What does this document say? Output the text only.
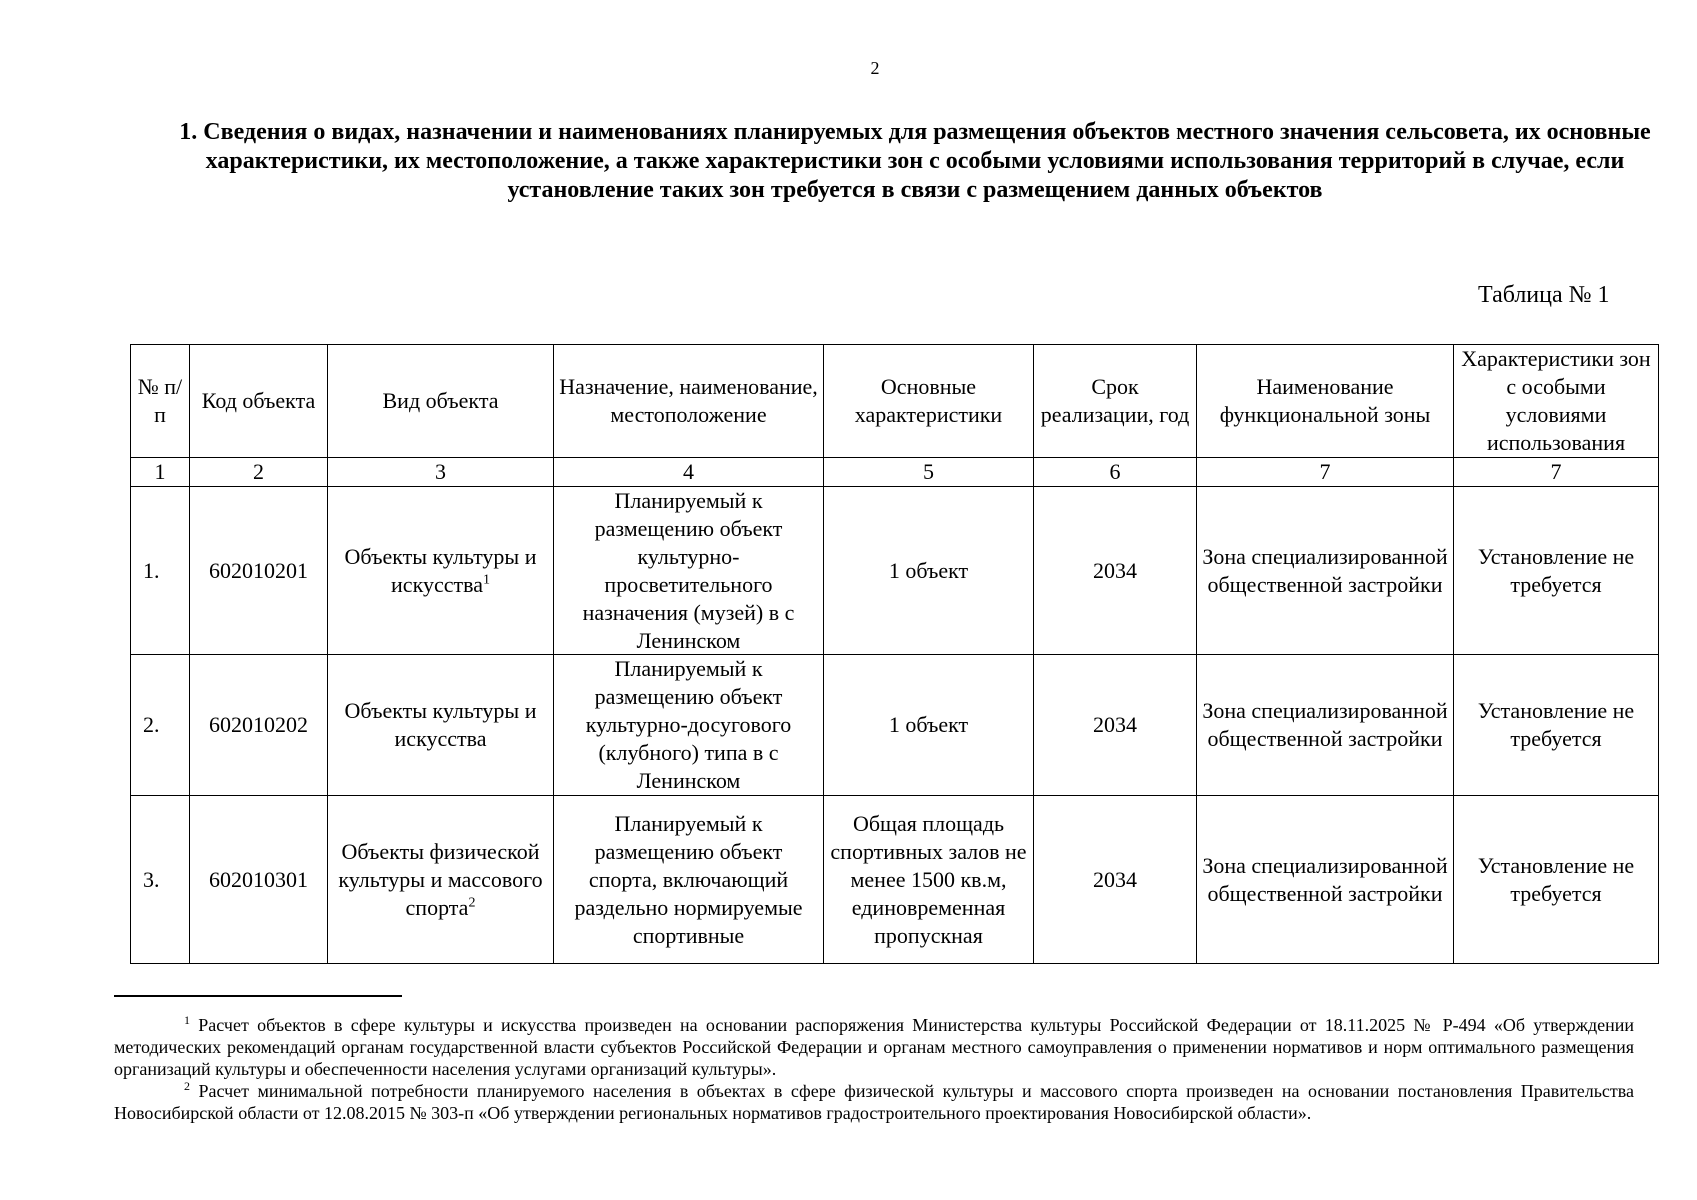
2
1. Сведения о видах, назначении и наименованиях планируемых для размещения объектов местного значения сельсовета, их основные характеристики, их местоположение, а также характеристики зон с особыми условиями использования территорий в случае, если установление таких зон требуется в связи с размещением данных объектов
Таблица № 1
№ п/п	Код объекта	Вид объекта	Назначение, наименование, местоположение	Основные характеристики	Срок реализации, год	Наименование функциональной зоны	Характеристики зон с особыми условиями использования
1	2	3	4	5	6	7	7
1.	602010201	Объекты культуры и искусства$^1$	Планируемый к размещению объект культурно-просветительного назначения (музей) в с Ленинском	1 объект	2034	Зона специализированной общественной застройки	Установление не требуется
2.	602010202	Объекты культуры и искусства	Планируемый к размещению объект культурно-досугового (клубного) типа в с Ленинском	1 объект	2034	Зона специализированной общественной застройки	Установление не требуется
3.	602010301	Объекты физической культуры и массового спорта$^2$	Планируемый к размещению объект спорта, включающий раздельно нормируемые спортивные	Общая площадь спортивных залов не менее 1500 кв.м, единовременная пропускная	2034	Зона специализированной общественной застройки	Установление не требуется

$^1$ Расчет объектов в сфере культуры и искусства произведен на основании распоряжения Министерства культуры Российской Федерации от 18.11.2025 № Р-494 «Об утверждении методических рекомендаций органам государственной власти субъектов Российской Федерации и органам местного самоуправления о применении нормативов и норм оптимального размещения организаций культуры и обеспеченности населения услугами организаций культуры».

$^2$ Расчет минимальной потребности планируемого населения в объектах в сфере физической культуры и массового спорта произведен на основании постановления Правительства Новосибирской области от 12.08.2015 № 303-п «Об утверждении региональных нормативов градостроительного проектирования Новосибирской области».
